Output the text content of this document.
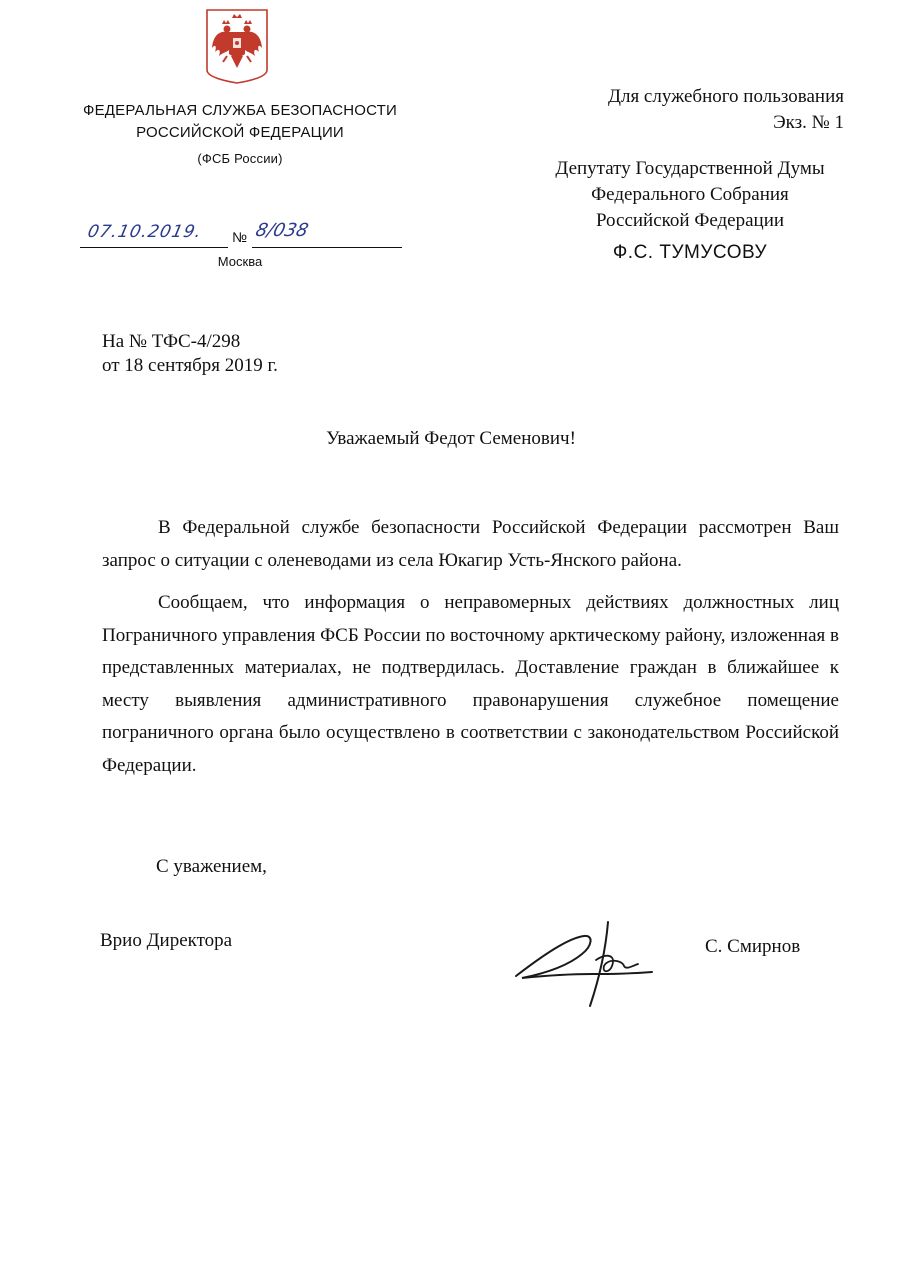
ФЕДЕРАЛЬНАЯ СЛУЖБА БЕЗОПАСНОСТИ
РОССИЙСКОЙ ФЕДЕРАЦИИ
(ФСБ России)
07.10.2019.	№ 8/038
Москва
Для служебного пользования
Экз. № 1
Депутату Государственной Думы
Федерального Собрания
Российской Федерации
Ф.С. ТУМУСОВУ
На № ТФС-4/298
от 18 сентября 2019 г.
Уважаемый Федот Семенович!

В Федеральной службе безопасности Российской Федерации рассмотрен Ваш запрос о ситуации с оленеводами из села Юкагир Усть-Янского района.

Сообщаем, что информация о неправомерных действиях должностных лиц Пограничного управления ФСБ России по восточному арктическому району, изложенная в представленных материалах, не подтвердилась. Доставление граждан в ближайшее к месту выявления административного правонарушения служебное помещение пограничного органа было осуществлено в соответствии с законодательством Российской Федерации.

С уважением,
Врио Директора	С. Смирнов
